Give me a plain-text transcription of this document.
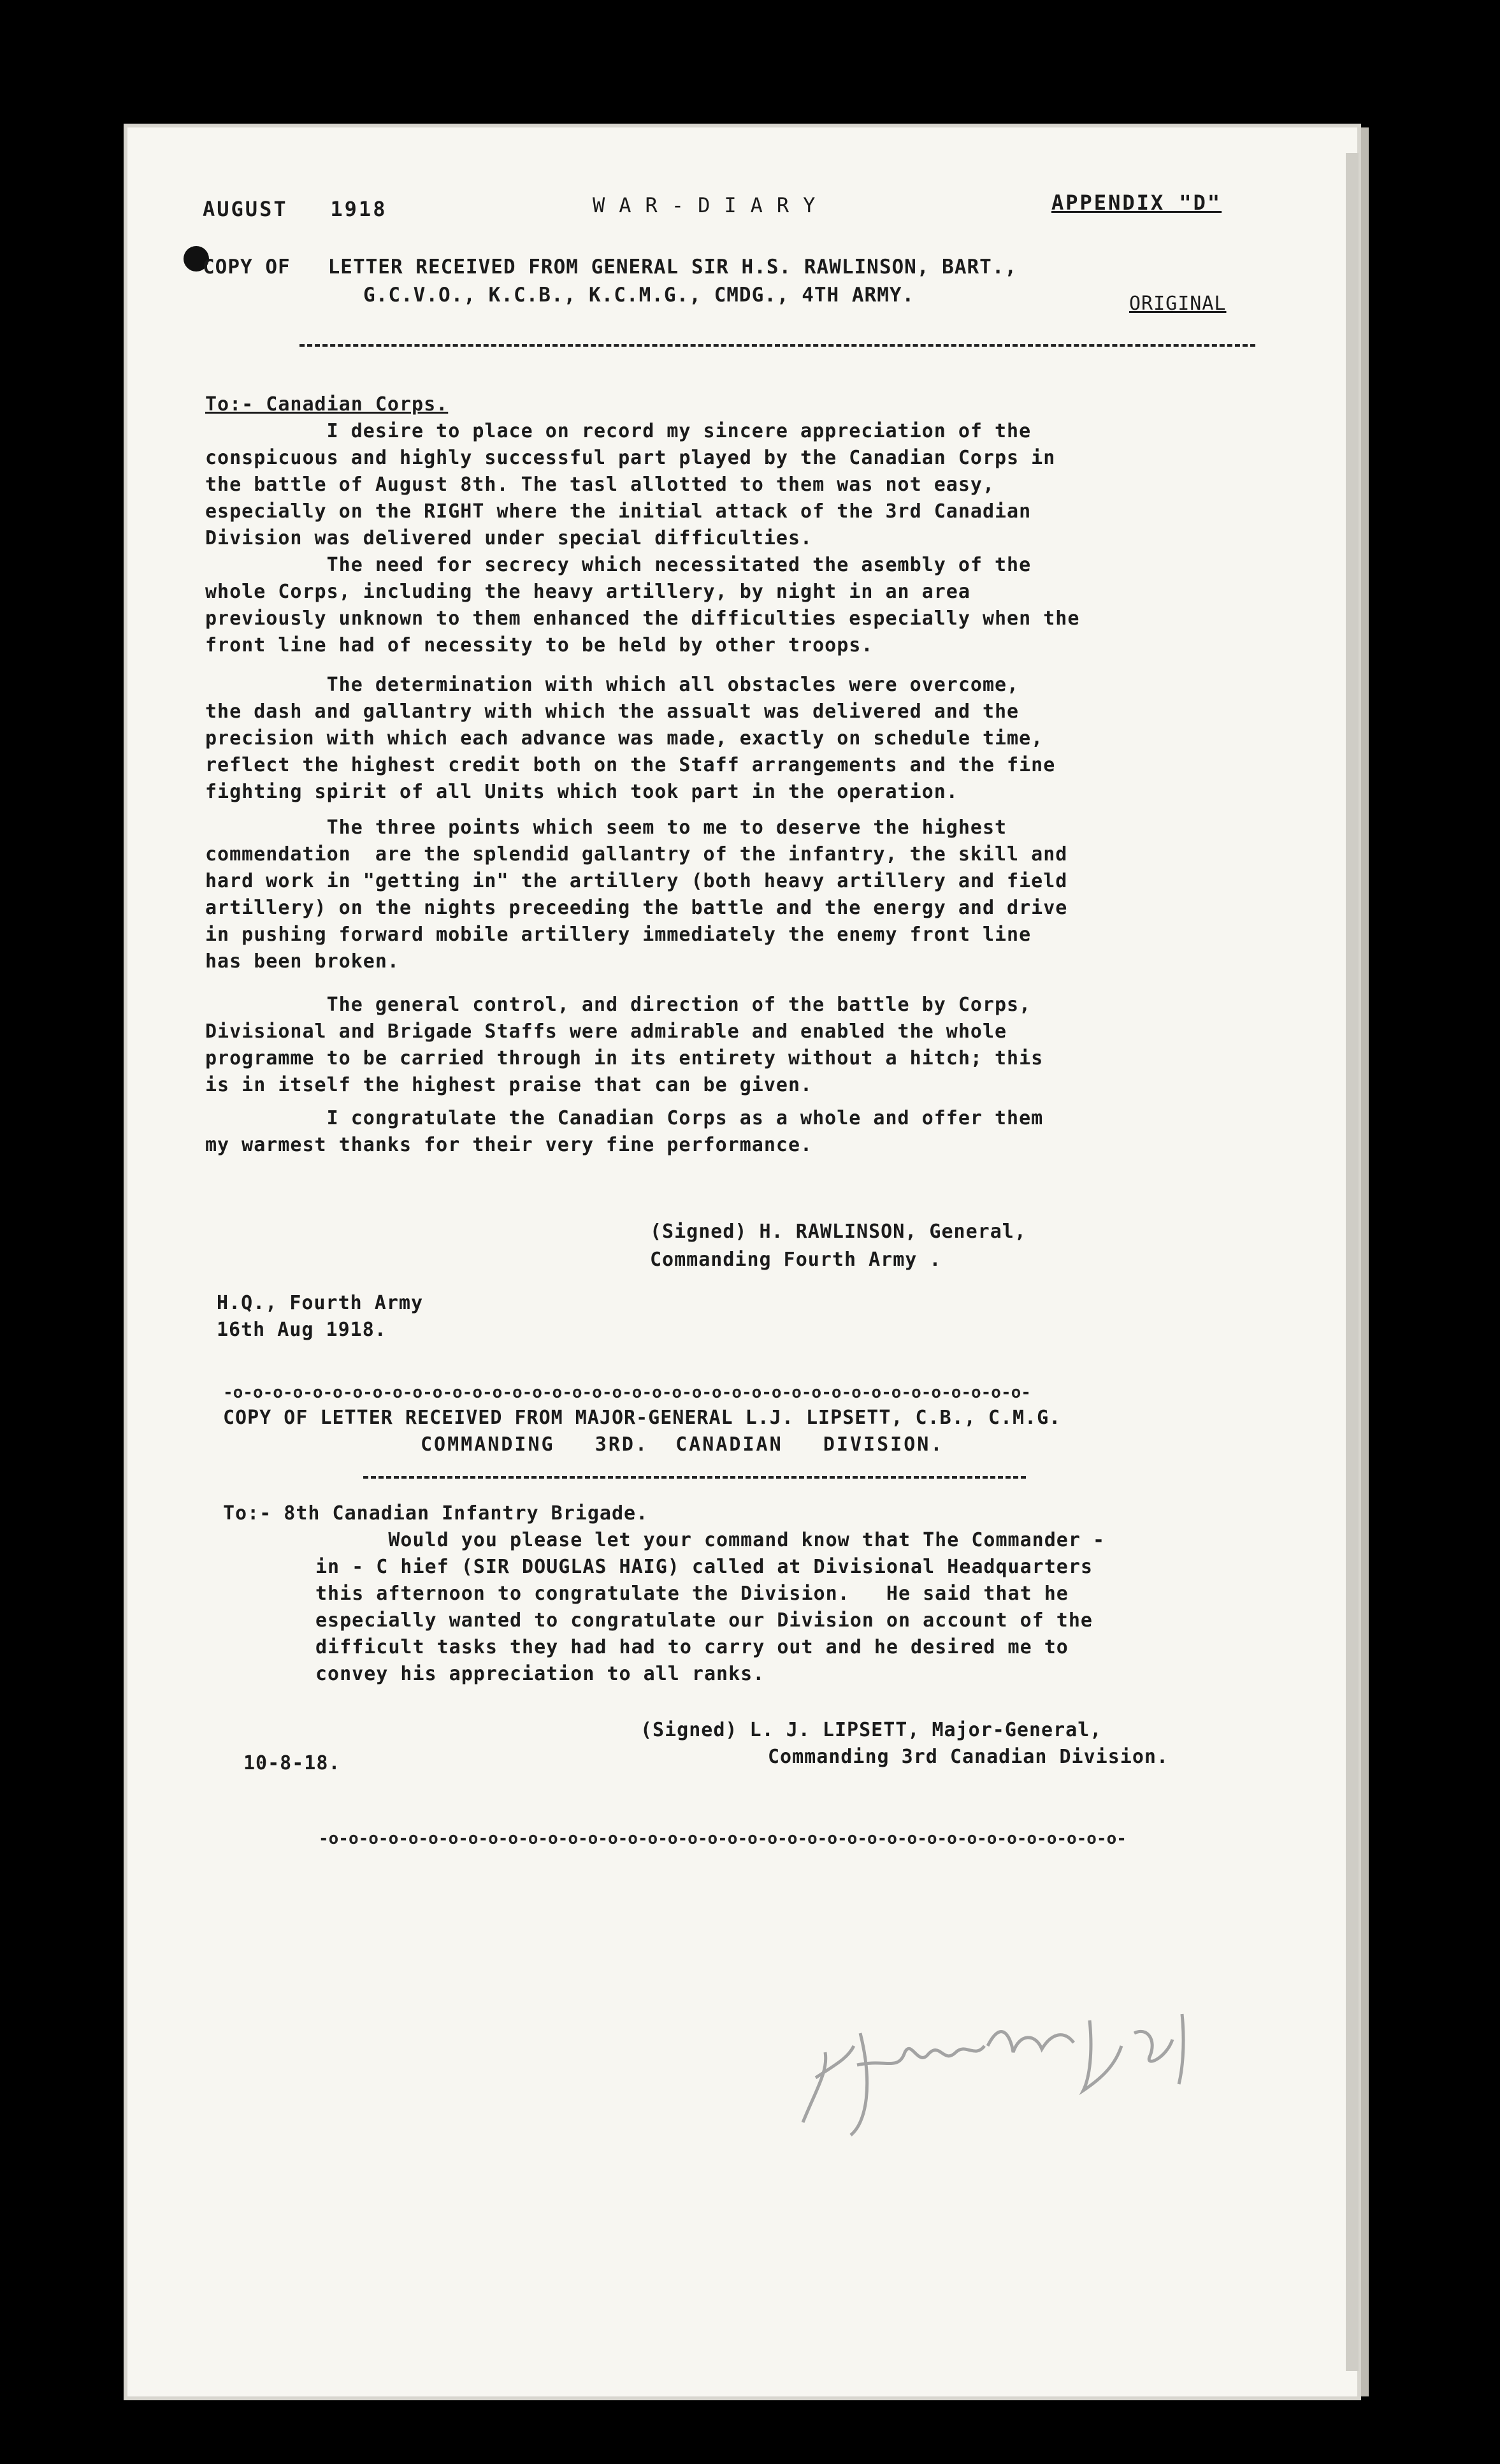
AUGUST   1918	WAR-DIARY	APPENDIX "D"
COPY OF   LETTER RECEIVED FROM GENERAL SIR H.S. RAWLINSON, BART.,
G.C.V.O., K.C.B., K.C.M.G., CMDG., 4TH ARMY.	ORIGINAL
To:- Canadian Corps.
I desire to place on record my sincere appreciation of the
conspicuous and highly successful part played by the Canadian Corps in
the battle of August 8th. The tasl allotted to them was not easy,
especially on the RIGHT where the initial attack of the 3rd Canadian
Division was delivered under special difficulties.
The need for secrecy which necessitated the asembly of the
whole Corps, including the heavy artillery, by night in an area
previously unknown to them enhanced the difficulties especially when the
front line had of necessity to be held by other troops.
The determination with which all obstacles were overcome,
the dash and gallantry with which the assualt was delivered and the
precision with which each advance was made, exactly on schedule time,
reflect the highest credit both on the Staff arrangements and the fine
fighting spirit of all Units which took part in the operation.
The three points which seem to me to deserve the highest
commendation  are the splendid gallantry of the infantry, the skill and
hard work in "getting in" the artillery (both heavy artillery and field
artillery) on the nights preceeding the battle and the energy and drive
in pushing forward mobile artillery immediately the enemy front line
has been broken.
The general control, and direction of the battle by Corps,
Divisional and Brigade Staffs were admirable and enabled the whole
programme to be carried through in its entirety without a hitch; this
is in itself the highest praise that can be given.
I congratulate the Canadian Corps as a whole and offer them
my warmest thanks for their very fine performance.
(Signed) H. RAWLINSON, General,
Commanding Fourth Army .
H.Q., Fourth Army
16th Aug 1918.
-o-o-o-o-o-o-o-o-o-o-o-o-o-o-o-o-o-o-o-o-o-o-o-o-o-o-o-o-o-o-o-o-o-o-o-o-o-o-o-o-
COPY OF LETTER RECEIVED FROM MAJOR-GENERAL L.J. LIPSETT, C.B., C.M.G.
COMMANDING   3RD.  CANADIAN   DIVISION.
To:- 8th Canadian Infantry Brigade.
Would you please let your command know that The Commander -
in - C hief (SIR DOUGLAS HAIG) called at Divisional Headquarters
this afternoon to congratulate the Division.   He said that he
especially wanted to congratulate our Division on account of the
difficult tasks they had had to carry out and he desired me to
convey his appreciation to all ranks.
(Signed) L. J. LIPSETT, Major-General,
Commanding 3rd Canadian Division.
10-8-18.
-o-o-o-o-o-o-o-o-o-o-o-o-o-o-o-o-o-o-o-o-o-o-o-o-o-o-o-o-o-o-o-o-o-o-o-o-o-o-o-o-
